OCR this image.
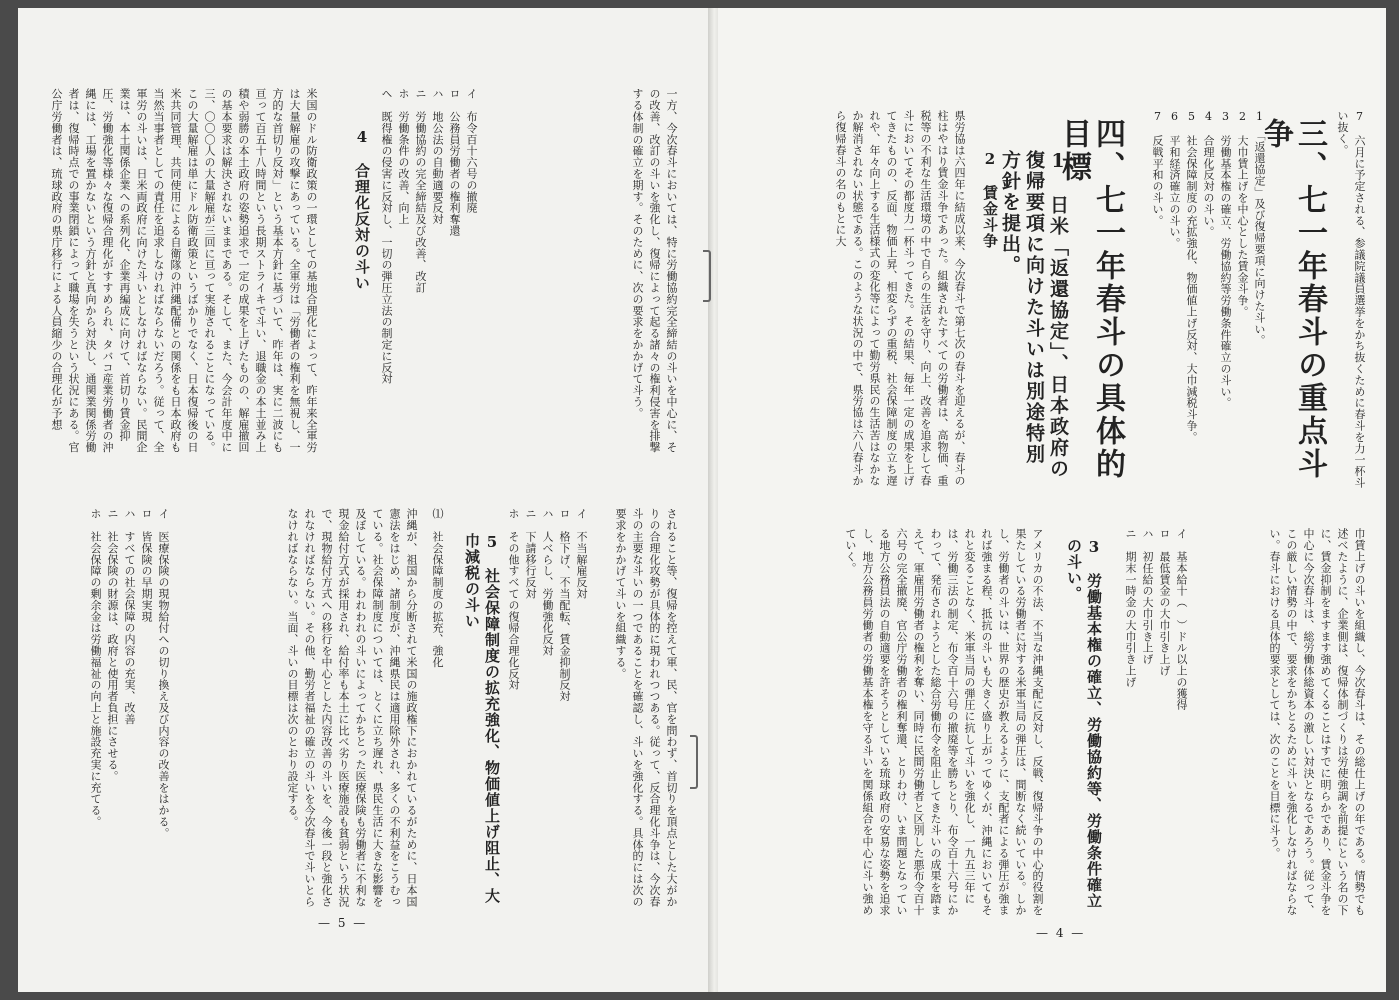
一方、今次春斗においては、特に労働協約完全締結の斗いを中心に、その改善、改訂の斗いを強化し、復帰によって起る諸々の権利侵害を排撃する体制の確立を期す。そのために、次の要求をかかげて斗う。
イ　布令百十六号の撤廃
ロ　公務員労働者の権利奪還
ハ　地公法の自動適要反対
ニ　労働協約の完全締結及び改善、改訂
ホ　労働条件の改善、向上
ヘ　既得権の侵害に反対し、一切の弾圧立法の制定に反対
4　合理化反対の斗い
米国のドル防衛政策の一環としての基地合理化によって、昨年来全軍労は大量解雇の攻撃にあっている。全軍労は「労働者の権利を無視し、一方的な首切り反対」という基本方針に基づいて、昨年は、実に二波にも亘って百五十八時間という長期ストライキで斗い、退職金の本土並み上積や弱勝の本土政府の姿勢追求で一定の成果を上げたものの、解雇撤回の基本要求は解決されないままである。そして、また、今会計年度中に三、〇〇〇人の大量解雇が三回に亘って実施されることになっている。この大量解雇は単にドル防衛政策というばかりでなく、日本復帰後の日米共同管理、共同使用による自衛隊の沖縄配備との関係をも日本政府も当然当事者としての責任を追求しなければならないだろう。従って、全軍労の斗いは、日米両政府に向けた斗いとしなければならない。民間企業は、本土関係企業への系列化、企業再編成に向けて、首切り賃金抑圧、労働強化等様々な復帰合理化がすすめられ、タバコ産業労働者の沖縄には、工場を置かないという方針と真向から対決し、通関業関係労働者は、復帰時点での事業閉鎖によって職場を失うという状況にある。官公庁労働者は、琉球政府の県庁移行による人員縮少の合理化が予想
されること等、復帰を控えて軍、民、官を問わず、首切りを頂点とした大がかりの合理化攻勢が具体的に現われつつある。従って、反合理化斗争は、今次春斗の主要な斗いの一つであることを確認し、斗いを強化する。具体的には次の要求をかかげて斗いを組織する。
イ　不当解雇反対
ロ　格下げ、不当配転、賃金抑制反対
ハ　人べらし、労働強化反対
ニ　下請移行反対
ホ　その他すべての復帰合理化反対
5　社会保障制度の拡充強化、物価値上げ阻止、大巾減税の斗い
⑴　社会保障制度の拡充、強化
沖縄が、祖国から分断されて米国の施政権下におかれているがために、日本国憲法をはじめ、諸制度が、沖縄県民は適用除外され、多くの不利益をこうむっている。社会保障制度については、とくに立ち遅れ、県民生活に大きな影響を及ぼしている。われわれの斗いによってかちとった医療保険も労働者に不利な現金給付方式が採用され、給付率も本土に比べ劣り医療施設も貧弱という状況で、現物給付方式への移行を中心とした内容改善の斗いを、今後一段と強化されなければならない。その他、勤労者福祉の確立の斗いを今次春斗で斗いとらなければならない。当面、斗いの目標は次のとおり設定する。
イ　医療保険の現物給付への切り換え及び内容の改善をはかる。
ロ　皆保険の早期実現
ハ　すべての社会保障の内容の充実、改善
ニ　社会保険の財源は、政府と使用者負担にさせる。
ホ　社会保障の剰余金は労働福祉の向上と施設充実に充てる。
— 5 —

7　六月に予定される、参議院議員選挙をかち抜くために春斗を力一杯斗い抜く。
三、七一年春斗の重点斗争
1　「返還協定」及び復帰要項に向けた斗い。
2　大巾賃上げを中心とした賃金斗争。
3　労働基本権の確立、労働協約等労働条件確立の斗い。
4　合理化反対の斗い。
5　社会保障制度の充拡強化、物価値上げ反対、大巾減税斗争。
6　平和経済確立の斗い。
7　反戦平和の斗い。
四、七一年春斗の具体的目標
1　日米「返還協定」、日本政府の復帰要項に向けた斗いは別途特別方針を提出。
2　賃金斗争
県労協は六四年に結成以来、今次春斗で第七次の春斗を迎えるが、春斗の柱はやはり賃金斗争であった。組織されたすべての労働者は、高物価、重税等の不利な生活環境の中で自らの生活を守り、向上、改善を追求して春斗においてその都度力一杯斗ってきた。その結果、毎年一定の成果を上げてきたものの、反面、物価上昇、相変らずの重税、社会保障制度の立ち遅れや、年々向上する生活様式の変化等によって勤労県民の生活苦はなかなか解消されない状態である。このような状況の中で、県労協は六八春斗から復帰春斗の名のもとに大
巾賃上げの斗いを組織し、今次春斗は、その総仕上げの年である。情勢でも述べたように、企業側は、復帰体制づくりは労使強調を前提にという名の下に、賃金抑制をますます強めてくることはすでに明らかであり、賃金斗争を中心に今次春斗は、総労働体総資本の激しい対決となるであろう。従って、この厳しい情勢の中で、要求をかちとるために斗いを強化しなければならない。春斗における具体的要求としては、次のことを目標に斗う。
イ　基本給十（　）ドル以上の獲得
ロ　最低賃金の大巾引き上げ
ハ　初任給の大巾引き上げ
ニ　期末一時金の大巾引き上げ
3　労働基本権の確立、労働協約等、労働条件確立の斗い。
アメリカの不法、不当な沖縄支配に反対し、反戦、復帰斗争の中心的役割を果たしている労働者に対する米軍当局の弾圧は、間断なく続いている。しかし、労働者の斗いは、世界の歴史が教えるように、支配者による弾圧が強まれば強まる程、抵抗の斗いも大きく盛り上がってゆくが、沖縄においてもそれと変ることなく、米軍当局の弾圧に抗して斗いを強化し、一九五三年には、労働三法の制定、布令百十六号の撤廃等を勝ちとり、布令百十六号にかわって、発布されようとした総合労働布令を阻止してきた斗いの成果を踏まえて、軍雇用労働者の権利を奪い、同時に民間労働者と区別した悪布令百十六号の完全撤廃、官公庁労働者の権利奪還、とりわけ、いま問題となっている地方公務員法の自動適要を許そうとしている琉球政府の安易な姿勢を追求し、地方公務員労働者の労働基本権を守る斗いを関係組合を中心に斗い強めていく。
— 4 —
